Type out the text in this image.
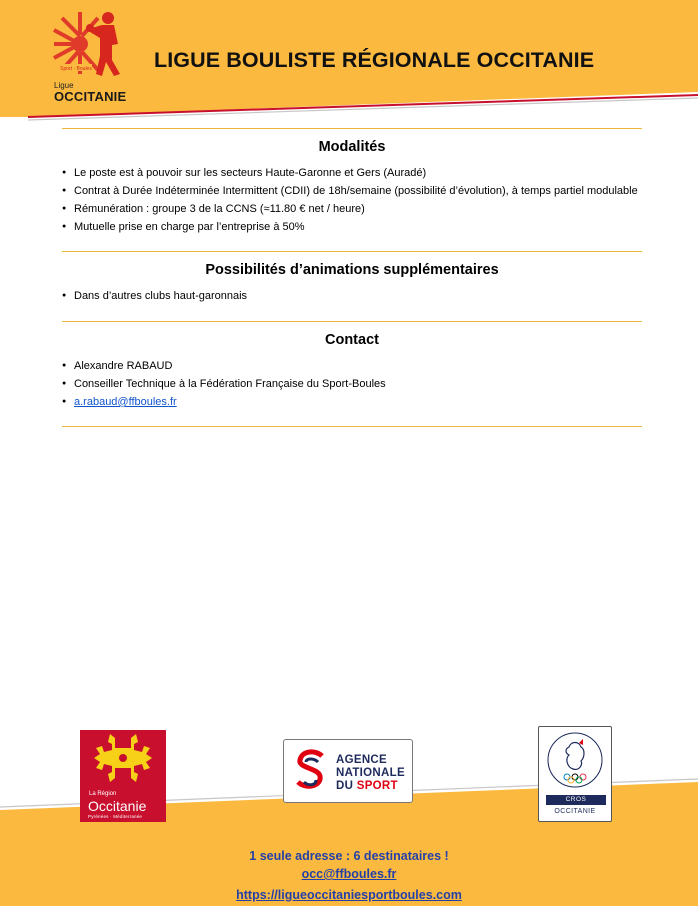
Sport · Boules
Ligue
OCCITANIE
LIGUE BOULISTE RÉGIONALE OCCITANIE
Modalités
● Le poste est à pouvoir sur les secteurs Haute-Garonne et Gers (Auradé)
● Contrat à Durée Indéterminée Intermittent (CDII) de 18h/semaine (possibilité d’évolution), à temps partiel modulable
● Rémunération : groupe 3 de la CCNS (≈11.80 € net / heure)
● Mutuelle prise en charge par l’entreprise à 50%
Possibilités d’animations supplémentaires
● Dans d’autres clubs haut-garonnais
Contact
● Alexandre RABAUD
● Conseiller Technique à la Fédération Française du Sport-Boules
● a.rabaud@ffboules.fr
La Région
Occitanie
Pyrénées · Méditerranée
AGENCE
NATIONALE
DU SPORT
CROS
OCCITANIE
1 seule adresse : 6 destinataires !
occ@ffboules.fr
https://ligueoccitaniesportboules.com
